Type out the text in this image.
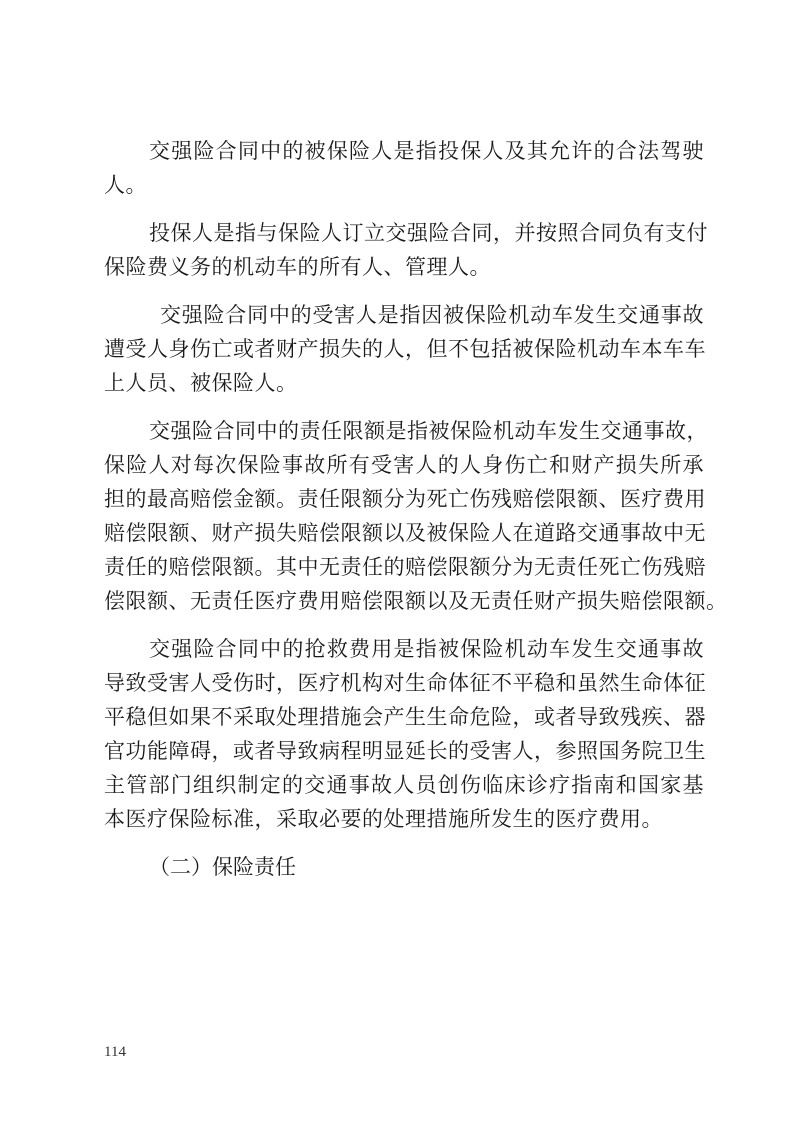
交强险合同中的被保险人是指投保人及其允许的合法驾驶
人。
投保人是指与保险人订立交强险合同，并按照合同负有支付
保险费义务的机动车的所有人、管理人。
交强险合同中的受害人是指因被保险机动车发生交通事故
遭受人身伤亡或者财产损失的人，但不包括被保险机动车本车车
上人员、被保险人。
交强险合同中的责任限额是指被保险机动车发生交通事故，
保险人对每次保险事故所有受害人的人身伤亡和财产损失所承
担的最高赔偿金额。责任限额分为死亡伤残赔偿限额、医疗费用
赔偿限额、财产损失赔偿限额以及被保险人在道路交通事故中无
责任的赔偿限额。其中无责任的赔偿限额分为无责任死亡伤残赔
偿限额、无责任医疗费用赔偿限额以及无责任财产损失赔偿限额。
交强险合同中的抢救费用是指被保险机动车发生交通事故
导致受害人受伤时，医疗机构对生命体征不平稳和虽然生命体征
平稳但如果不采取处理措施会产生生命危险，或者导致残疾、器
官功能障碍，或者导致病程明显延长的受害人，参照国务院卫生
主管部门组织制定的交通事故人员创伤临床诊疗指南和国家基
本医疗保险标准，采取必要的处理措施所发生的医疗费用。
（二）保险责任
114
